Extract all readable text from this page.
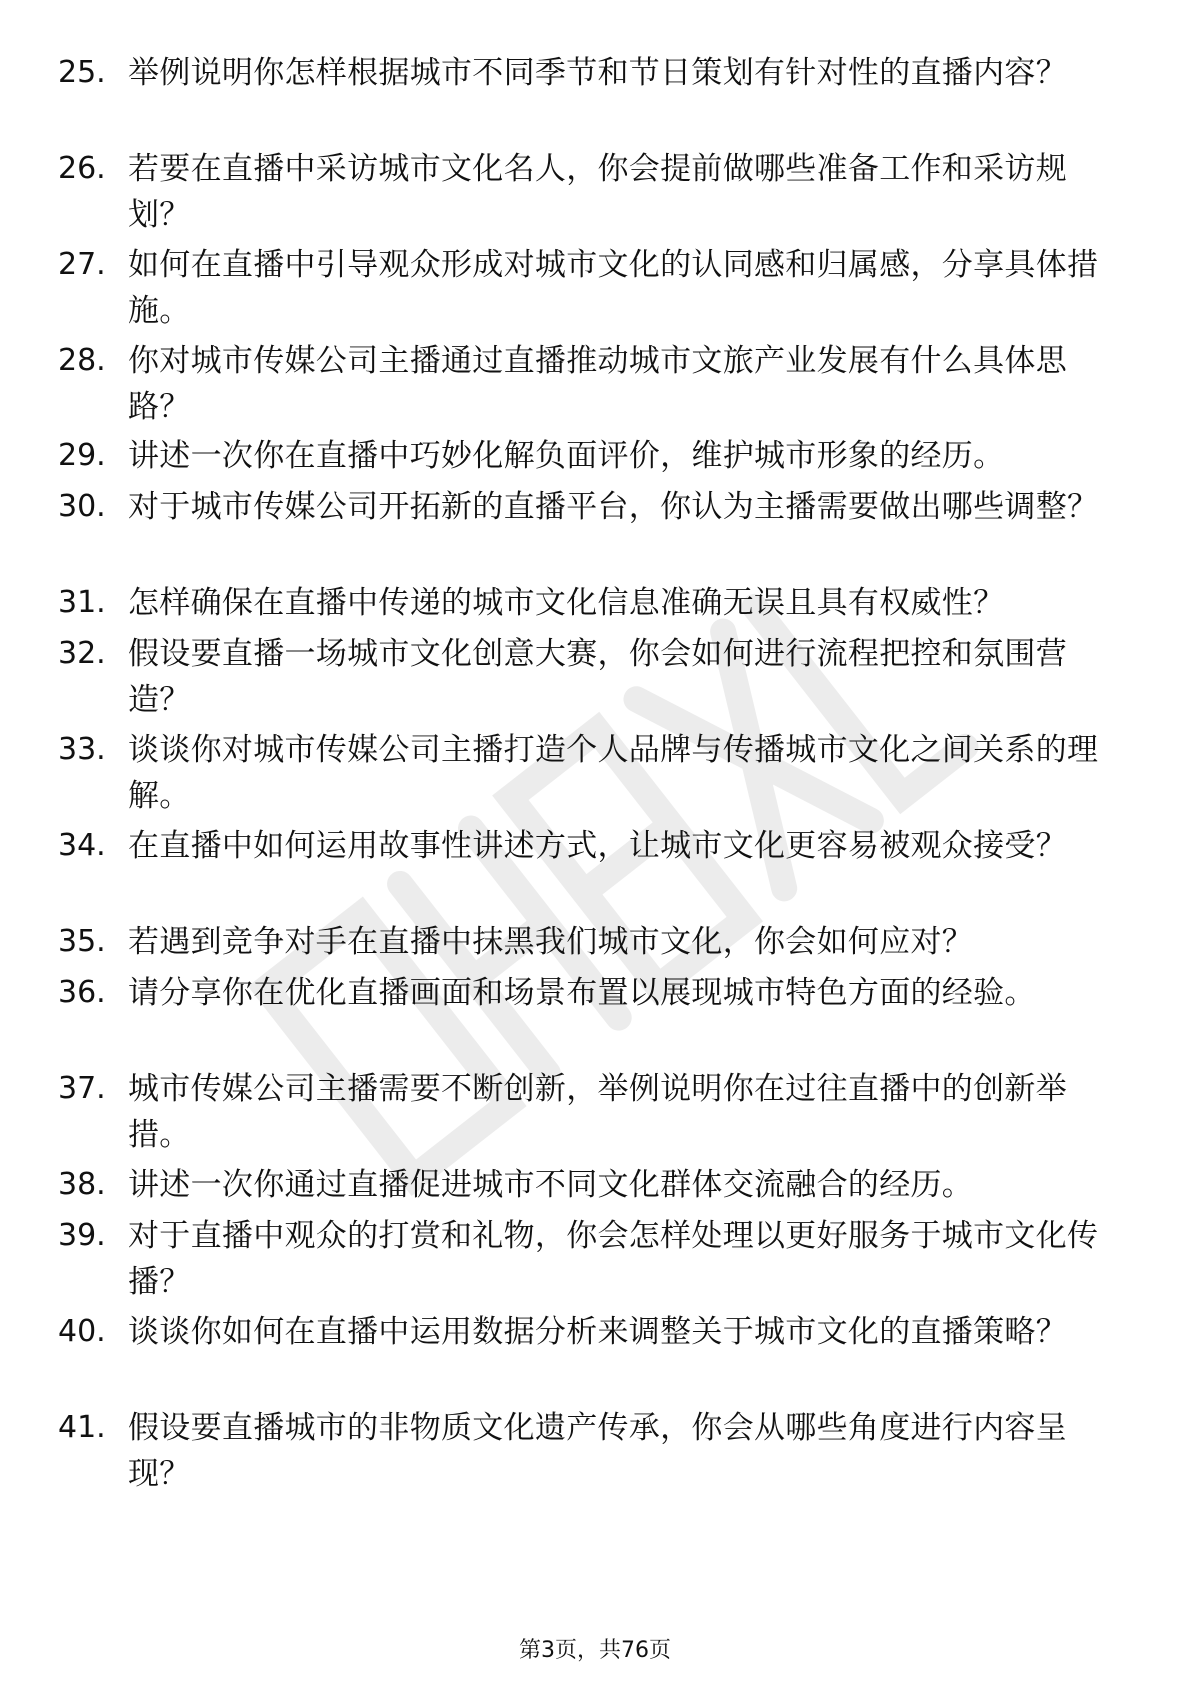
25. 举例说明你怎样根据城市不同季节和节日策划有针对性的直播内容？
26. 若要在直播中采访城市文化名人，你会提前做哪些准备工作和采访规划？
27. 如何在直播中引导观众形成对城市文化的认同感和归属感，分享具体措施。
28. 你对城市传媒公司主播通过直播推动城市文旅产业发展有什么具体思路？
29. 讲述一次你在直播中巧妙化解负面评价，维护城市形象的经历。
30. 对于城市传媒公司开拓新的直播平台，你认为主播需要做出哪些调整？
31. 怎样确保在直播中传递的城市文化信息准确无误且具有权威性？
32. 假设要直播一场城市文化创意大赛，你会如何进行流程把控和氛围营造？
33. 谈谈你对城市传媒公司主播打造个人品牌与传播城市文化之间关系的理解。
34. 在直播中如何运用故事性讲述方式，让城市文化更容易被观众接受？
35. 若遇到竞争对手在直播中抹黑我们城市文化，你会如何应对？
36. 请分享你在优化直播画面和场景布置以展现城市特色方面的经验。
37. 城市传媒公司主播需要不断创新，举例说明你在过往直播中的创新举措。
38. 讲述一次你通过直播促进城市不同文化群体交流融合的经历。
39. 对于直播中观众的打赏和礼物，你会怎样处理以更好服务于城市文化传播？
40. 谈谈你如何在直播中运用数据分析来调整关于城市文化的直播策略？
41. 假设要直播城市的非物质文化遗产传承，你会从哪些角度进行内容呈现？
第3页，共76页
